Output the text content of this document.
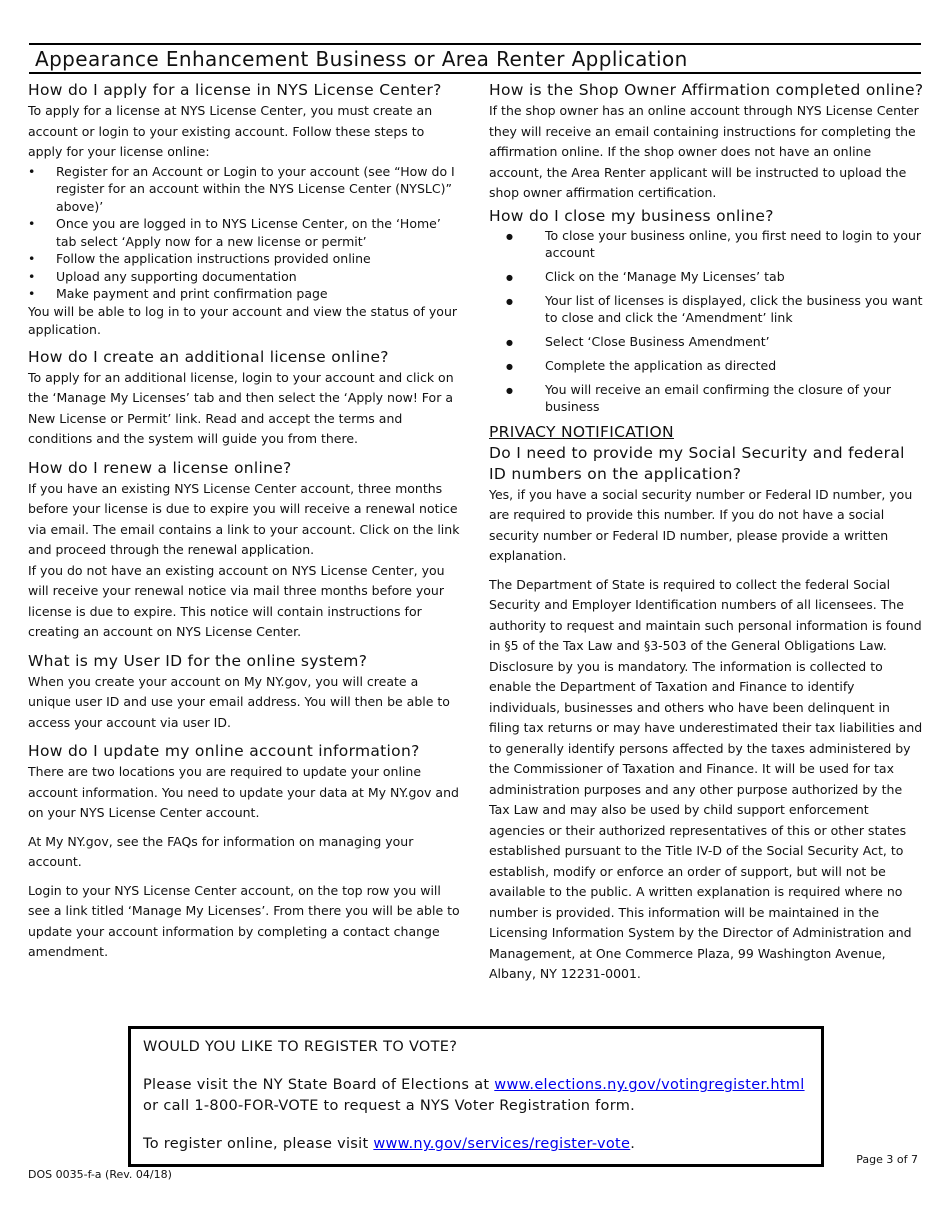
Appearance Enhancement Business or Area Renter Application
How do I apply for a license in NYS License Center?

To apply for a license at NYS License Center, you must create an account or login to your existing account. Follow these steps to apply for your license online:

• Register for an Account or Login to your account (see “How do I register for an account within the NYS License Center (NYSLC)” above)’
• Once you are logged in to NYS License Center, on the ‘Home’ tab select ‘Apply now for a new license or permit’
• Follow the application instructions provided online
• Upload any supporting documentation
• Make payment and print confirmation page

You will be able to log in to your account and view the status of your application.

How do I create an additional license online?

To apply for an additional license, login to your account and click on the ‘Manage My Licenses’ tab and then select the ‘Apply now! For a New License or Permit’ link. Read and accept the terms and conditions and the system will guide you from there.

How do I renew a license online?

If you have an existing NYS License Center account, three months before your license is due to expire you will receive a renewal notice via email. The email contains a link to your account. Click on the link and proceed through the renewal application.

If you do not have an existing account on NYS License Center, you will receive your renewal notice via mail three months before your license is due to expire. This notice will contain instructions for creating an account on NYS License Center.

What is my User ID for the online system?

When you create your account on My NY.gov, you will create a unique user ID and use your email address. You will then be able to access your account via user ID.

How do I update my online account information?

There are two locations you are required to update your online account information. You need to update your data at My NY.gov and on your NYS License Center account.

At My NY.gov, see the FAQs for information on managing your account.

Login to your NYS License Center account, on the top row you will see a link titled ‘Manage My Licenses’. From there you will be able to update your account information by completing a contact change amendment.

How is the Shop Owner Affirmation completed online?

If the shop owner has an online account through NYS License Center they will receive an email containing instructions for completing the affirmation online. If the shop owner does not have an online account, the Area Renter applicant will be instructed to upload the shop owner affirmation certification.

How do I close my business online?
● To close your business online, you first need to login to your account
● Click on the ‘Manage My Licenses’ tab
● Your list of licenses is displayed, click the business you want to close and click the ‘Amendment’ link
● Select ‘Close Business Amendment’
● Complete the application as directed
● You will receive an email confirming the closure of your business
PRIVACY NOTIFICATION
Do I need to provide my Social Security and federal ID numbers on the application?

Yes, if you have a social security number or Federal ID number, you are required to provide this number. If you do not have a social security number or Federal ID number, please provide a written explanation.

The Department of State is required to collect the federal Social Security and Employer Identification numbers of all licensees. The authority to request and maintain such personal information is found in §5 of the Tax Law and §3-503 of the General Obligations Law. Disclosure by you is mandatory. The information is collected to enable the Department of Taxation and Finance to identify individuals, businesses and others who have been delinquent in filing tax returns or may have underestimated their tax liabilities and to generally identify persons affected by the taxes administered by the Commissioner of Taxation and Finance. It will be used for tax administration purposes and any other purpose authorized by the Tax Law and may also be used by child support enforcement agencies or their authorized representatives of this or other states established pursuant to the Title IV-D of the Social Security Act, to establish, modify or enforce an order of support, but will not be available to the public. A written explanation is required where no number is provided. This information will be maintained in the Licensing Information System by the Director of Administration and Management, at One Commerce Plaza, 99 Washington Avenue, Albany, NY 12231-0001.

WOULD YOU LIKE TO REGISTER TO VOTE?

Please visit the NY State Board of Elections at www.elections.ny.gov/votingregister.html

or call 1-800-FOR-VOTE to request a NYS Voter Registration form.

To register online, please visit www.ny.gov/services/register-vote.

DOS 0035-f-a (Rev. 04/18)
Page 3 of 7
